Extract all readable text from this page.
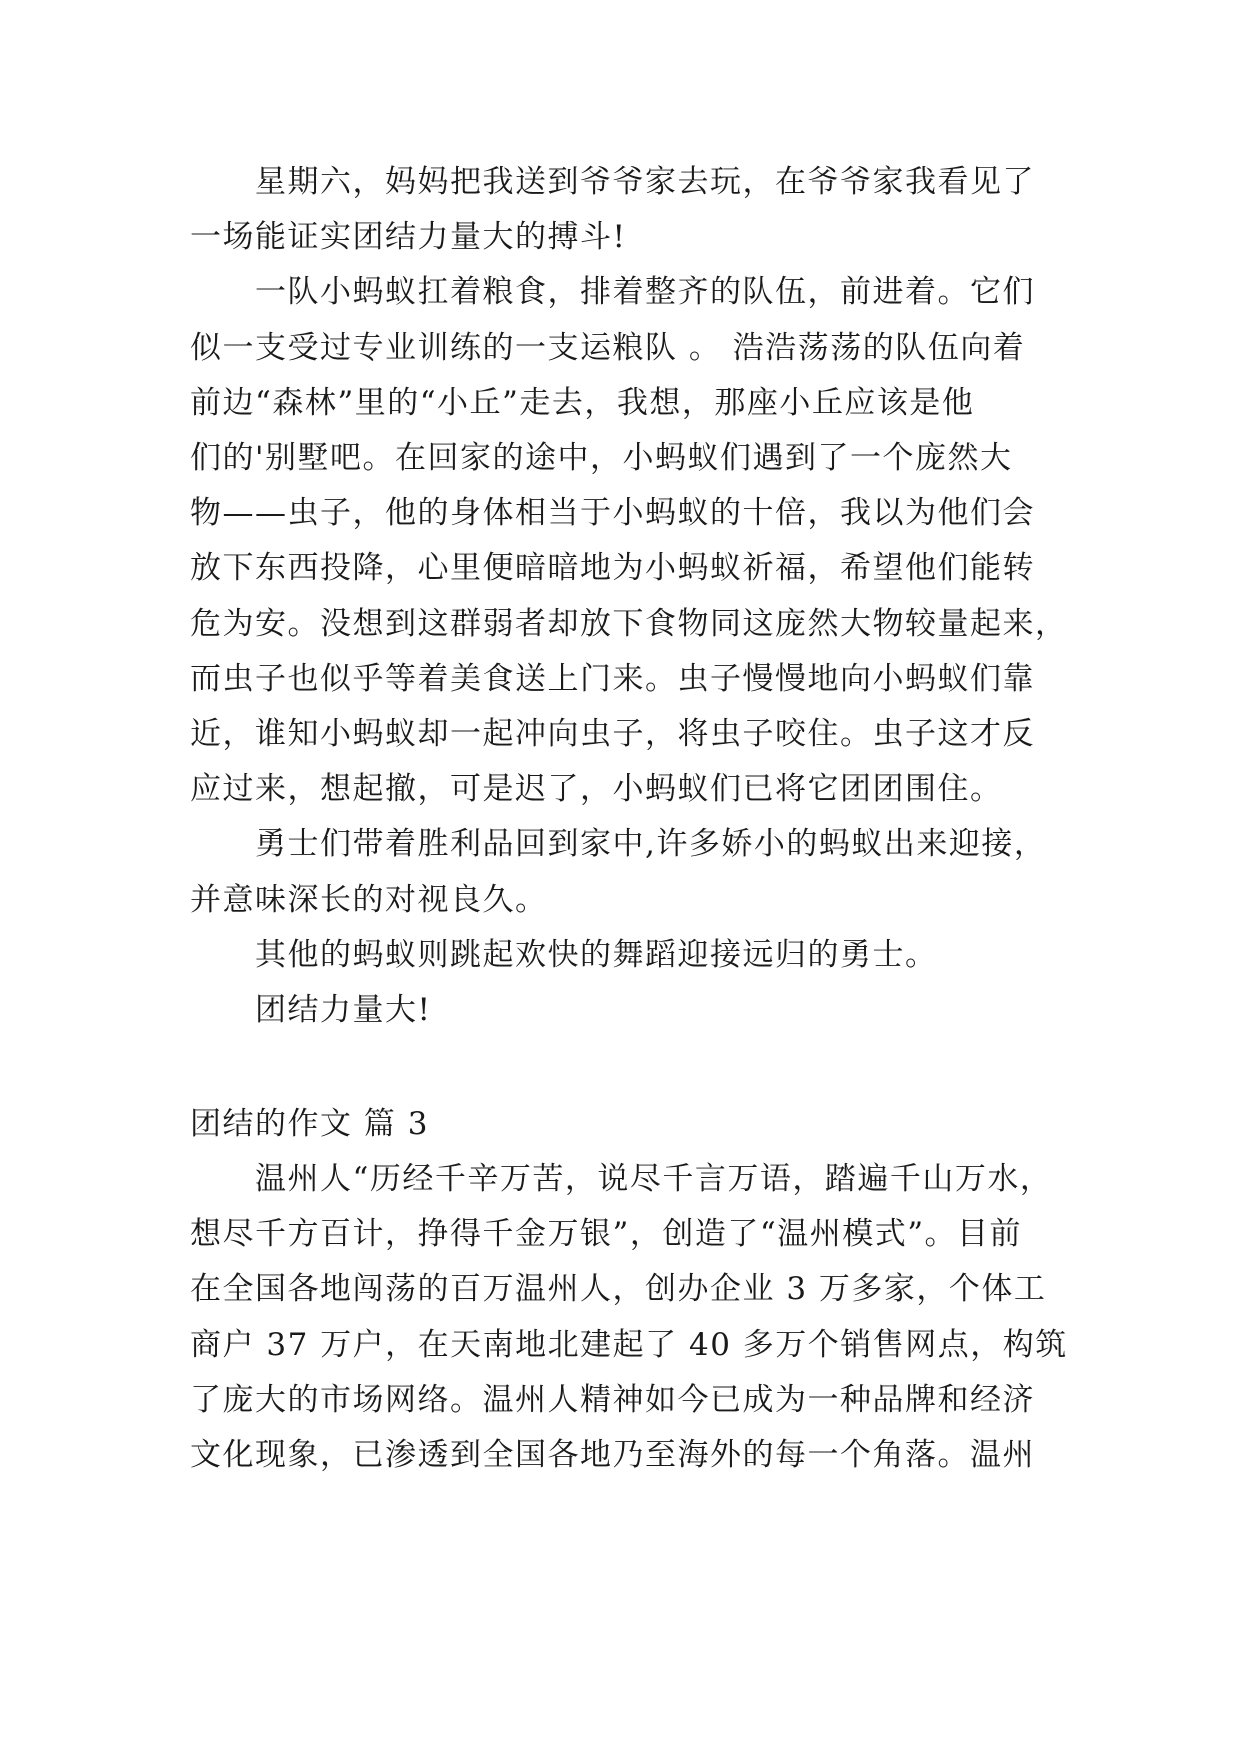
　　星期六，妈妈把我送到爷爷家去玩，在爷爷家我看见了

一场能证实团结力量大的搏斗!

　　一队小蚂蚁扛着粮食，排着整齐的队伍，前进着。它们

似一支受过专业训练的一支运粮队 。 浩浩荡荡的队伍向着

前边“森林”里的“小丘”走去，我想，那座小丘应该是他

们的'别墅吧。在回家的途中，小蚂蚁们遇到了一个庞然大

物——虫子，他的身体相当于小蚂蚁的十倍，我以为他们会

放下东西投降，心里便暗暗地为小蚂蚁祈福，希望他们能转

危为安。没想到这群弱者却放下食物同这庞然大物较量起来，

而虫子也似乎等着美食送上门来。虫子慢慢地向小蚂蚁们靠

近，谁知小蚂蚁却一起冲向虫子，将虫子咬住。虫子这才反

应过来，想起撤，可是迟了，小蚂蚁们已将它团团围住。

　　勇士们带着胜利品回到家中,许多娇小的蚂蚁出来迎接，

并意味深长的对视良久。

　　其他的蚂蚁则跳起欢快的舞蹈迎接远归的勇士。

　　团结力量大!

团结的作文 篇 3

　　温州人“历经千辛万苦，说尽千言万语，踏遍千山万水，

想尽千方百计，挣得千金万银”，创造了“温州模式”。目前

在全国各地闯荡的百万温州人，创办企业 3 万多家，个体工

商户 37 万户，在天南地北建起了 40 多万个销售网点，构筑

了庞大的市场网络。温州人精神如今已成为一种品牌和经济

文化现象，已渗透到全国各地乃至海外的每一个角落。温州
